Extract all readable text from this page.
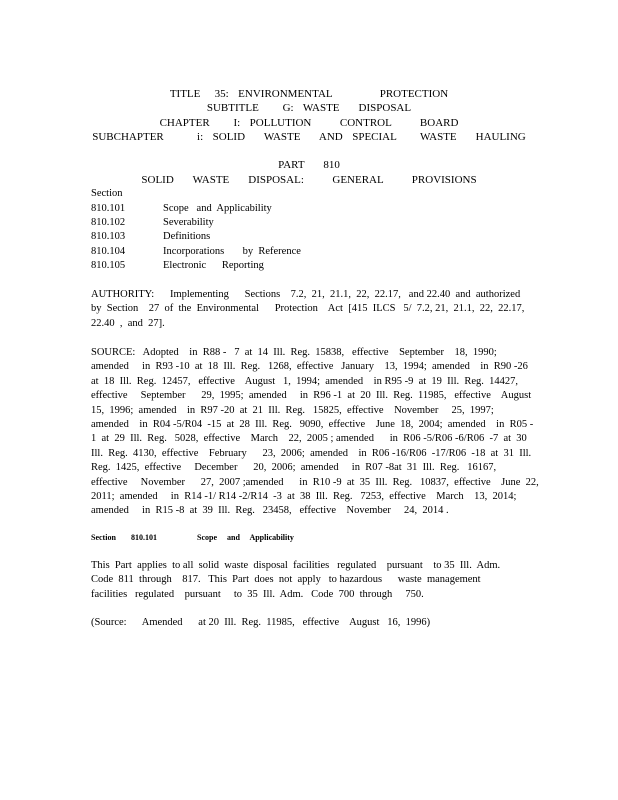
TITLE   35:  ENVIRONMENTAL          PROTECTION
SUBTITLE     G:  WASTE    DISPOSAL
CHAPTER     I:  POLLUTION      CONTROL      BOARD
SUBCHAPTER       i:  SOLID    WASTE    AND  SPECIAL     WASTE    HAULING
PART    810
SOLID    WASTE    DISPOSAL:      GENERAL      PROVISIONS
Section
810.101	Scope   and  Applicability
810.102	Severability
810.103	Definitions
810.104	Incorporations       by  Reference
810.105	Electronic      Reporting
AUTHORITY:      Implementing      Sections    7.2,  21,  21.1,  22,  22.17,   and 22.40  and  authorized
by  Section    27  of  the  Environmental      Protection    Act  [415  ILCS   5/  7.2, 21,  21.1,  22,  22.17,
22.40  ,  and  27].
SOURCE:   Adopted    in  R88 -   7  at  14  Ill.  Reg.  15838,   effective    September    18,  1990;
amended     in  R93 -10  at  18  Ill.  Reg.   1268,  effective   January    13,  1994;  amended    in  R90 -26
at  18  Ill.  Reg.  12457,   effective    August   1,  1994;  amended    in R95 -9  at  19  Ill.  Reg.  14427,
effective     September      29,  1995;  amended     in  R96 -1  at  20  Ill.  Reg.  11985,   effective    August
15,  1996;  amended    in  R97 -20  at  21  Ill.  Reg.   15825,  effective    November     25,  1997;
amended    in  R04 -5/R04  -15  at  28  Ill.  Reg.   9090,  effective    June  18,  2004;  amended    in  R05 -
1  at  29  Ill.  Reg.   5028,  effective    March    22,  2005 ; amended      in  R06 -5/R06 -6/R06  -7  at  30
Ill.  Reg.  4130,  effective    February      23,  2006;  amended    in  R06 -16/R06  -17/R06  -18  at  31  Ill.
Reg.  1425,  effective     December      20,  2006;  amended     in  R07 -8at  31  Ill.  Reg.   16167,
effective     November      27,  2007 ;amended      in  R10 -9  at  35  Ill.  Reg.   10837,  effective    June  22,
2011;  amended     in  R14 -1/ R14 -2/R14  -3  at  38  Ill.  Reg.   7253,  effective    March    13,  2014;
amended     in  R15 -8  at  39  Ill.  Reg.   23458,   effective    November     24,  2014 .

Section

810.101

	Scope     and     Applicability

This  Part  applies  to all  solid  waste  disposal  facilities   regulated    pursuant    to 35  Ill.  Adm.
Code  811  through    817.   This  Part  does  not  apply   to hazardous      waste  management
facilities   regulated    pursuant     to  35  Ill.  Adm.   Code  700  through     750.
(Source:      Amended      at 20  Ill.  Reg.  11985,   effective    August   16,  1996)
